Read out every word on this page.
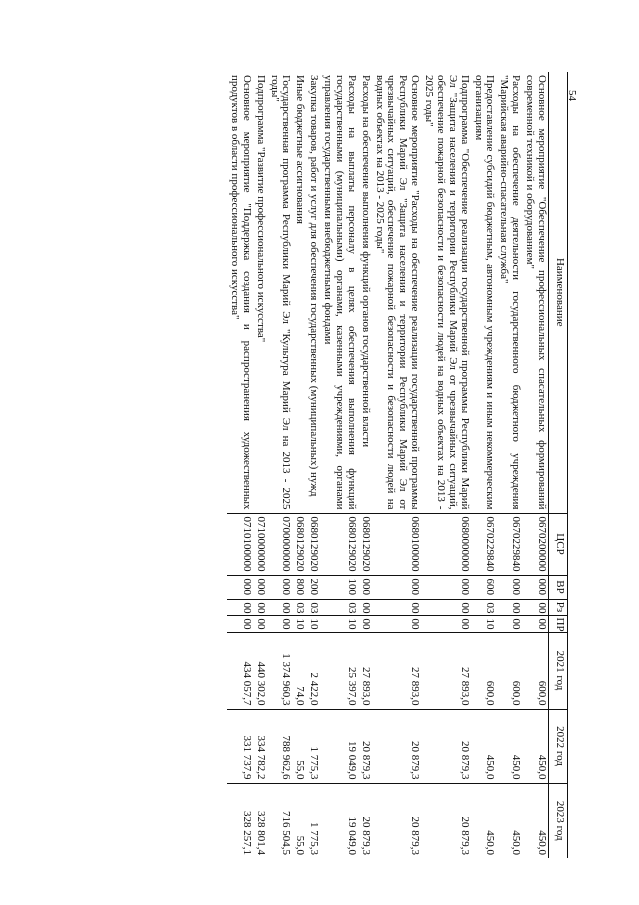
54
Наименование	ЦСР	ВР	Рз	ПР	2021 год	2022 год	2023 год
Основное мероприятие "Обеспечение профессиональных спасательных формирований современной техникой и оборудованием"	0670200000	000	00	00	600,0	450,0	450,0
Расходы на обеспечение деятельности государственного бюджетного учреждения "Марийская аварийно-спасательная служба"	0670229840	000	00	00	600,0	450,0	450,0
Предоставление субсидий бюджетным, автономным учреждениям и иным некоммерческим организациям	0670229840	600	03	10	600,0	450,0	450,0
Подпрограмма "Обеспечение реализации государственной программы Республики Марий Эл "Защита населения и территории Республики Марий Эл от чрезвычайных ситуаций, обеспечение пожарной безопасности и безопасности людей на водных объектах на 2013 - 2025 годы"	0680000000	000	00	00	27 893,0	20 879,3	20 879,3
Основное мероприятие "Расходы на обеспечение реализации государственной программы Республики Марий Эл "Защита населения и территории Республики Марий Эл от чрезвычайных ситуаций, обеспечение пожарной безопасности и безопасности людей на водных объектах на 2013 - 2025 годы"	0680100000	000	00	00	27 893,0	20 879,3	20 879,3
Расходы на обеспечение выполнения функций органов государственной власти	0680129020	000	00	00	27 893,0	20 879,3	20 879,3
Расходы на выплаты персоналу в целях обеспечения выполнения функций государственными (муниципальными) органами, казенными учреждениями, органами управления государственными внебюджетными фондами	0680129020	100	03	10	25 397,0	19 049,0	19 049,0
Закупка товаров, работ и услуг для обеспечения государственных (муниципальных) нужд	0680129020	200	03	10	2 422,0	1 775,3	1 775,3
Иные бюджетные ассигнования	0680129020	800	03	10	74,0	55,0	55,0
Государственная программа Республики Марий Эл "Культура Марий Эл на 2013 - 2025 годы"	0700000000	000	00	00	1 374 960,3	788 962,6	716 504,5
Подпрограмма "Развитие профессионального искусства"	0710000000	000	00	00	440 302,0	334 782,2	328 801,4
Основное мероприятие "Поддержка создания и распространения художественных продуктов в области профессионального искусства"	0710100000	000	00	00	434 057,7	331 737,9	328 257,1
